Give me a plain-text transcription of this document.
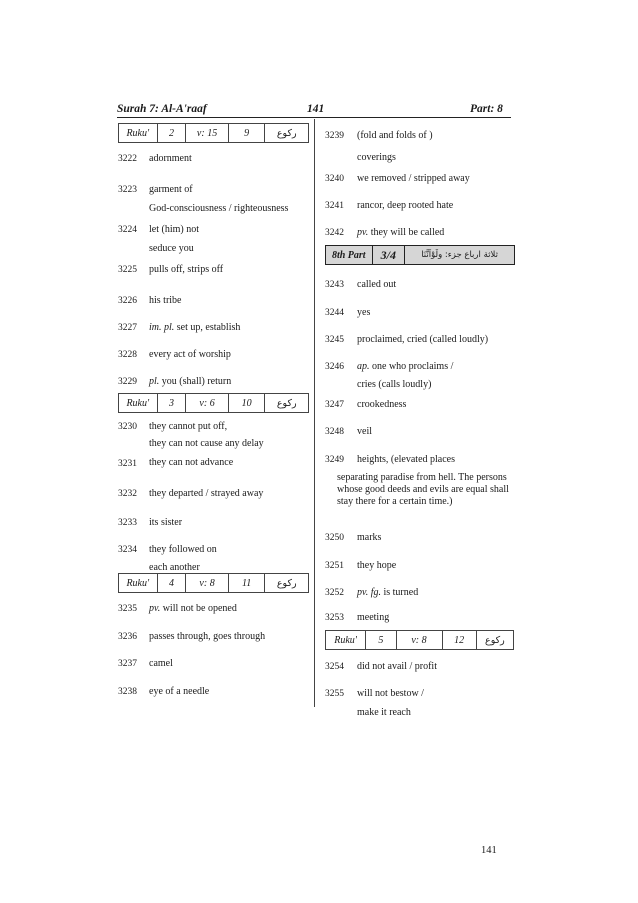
Surah 7: Al-A'raaf	141	Part: 8
Ruku'	2	v: 15	9	رکوع
3222 adornment
3223 garment of
God-consciousness / righteousness
3224 let (him) not
seduce you
3225 pulls off, strips off
3226 his tribe
3227 im. pl. set up, establish
3228 every act of worship
3229 pl. you (shall) return
Ruku'	3	v: 6	10	رکوع
3230 they cannot put off,
they can not cause any delay
3231 they can not advance
3232 they departed / strayed away
3233 its sister
3234 they followed on
each another
Ruku'	4	v: 8	11	رکوع
3235 pv. will not be opened
3236 passes through, goes through
3237 camel
3238 eye of a needle
3239 (fold and folds of )
coverings
3240 we removed / stripped away
3241 rancor, deep rooted hate
3242 pv. they will be called
8th Part	3/4	ثلاثة ارباع جزء: ولَوْاَنَّنَا
3243 called out
3244 yes
3245 proclaimed, cried (called loudly)
3246 ap. one who proclaims /
cries (calls loudly)
3247 crookedness
3248 veil
3249 heights, (elevated places
separating paradise from hell. The persons whose good deeds and evils are equal shall stay there for a certain time.)
3250 marks
3251 they hope
3252 pv. fg. is turned
3253 meeting
Ruku'	5	v: 8	12	رکوع
3254 did not avail / profit
3255 will not bestow /
make it reach
141
